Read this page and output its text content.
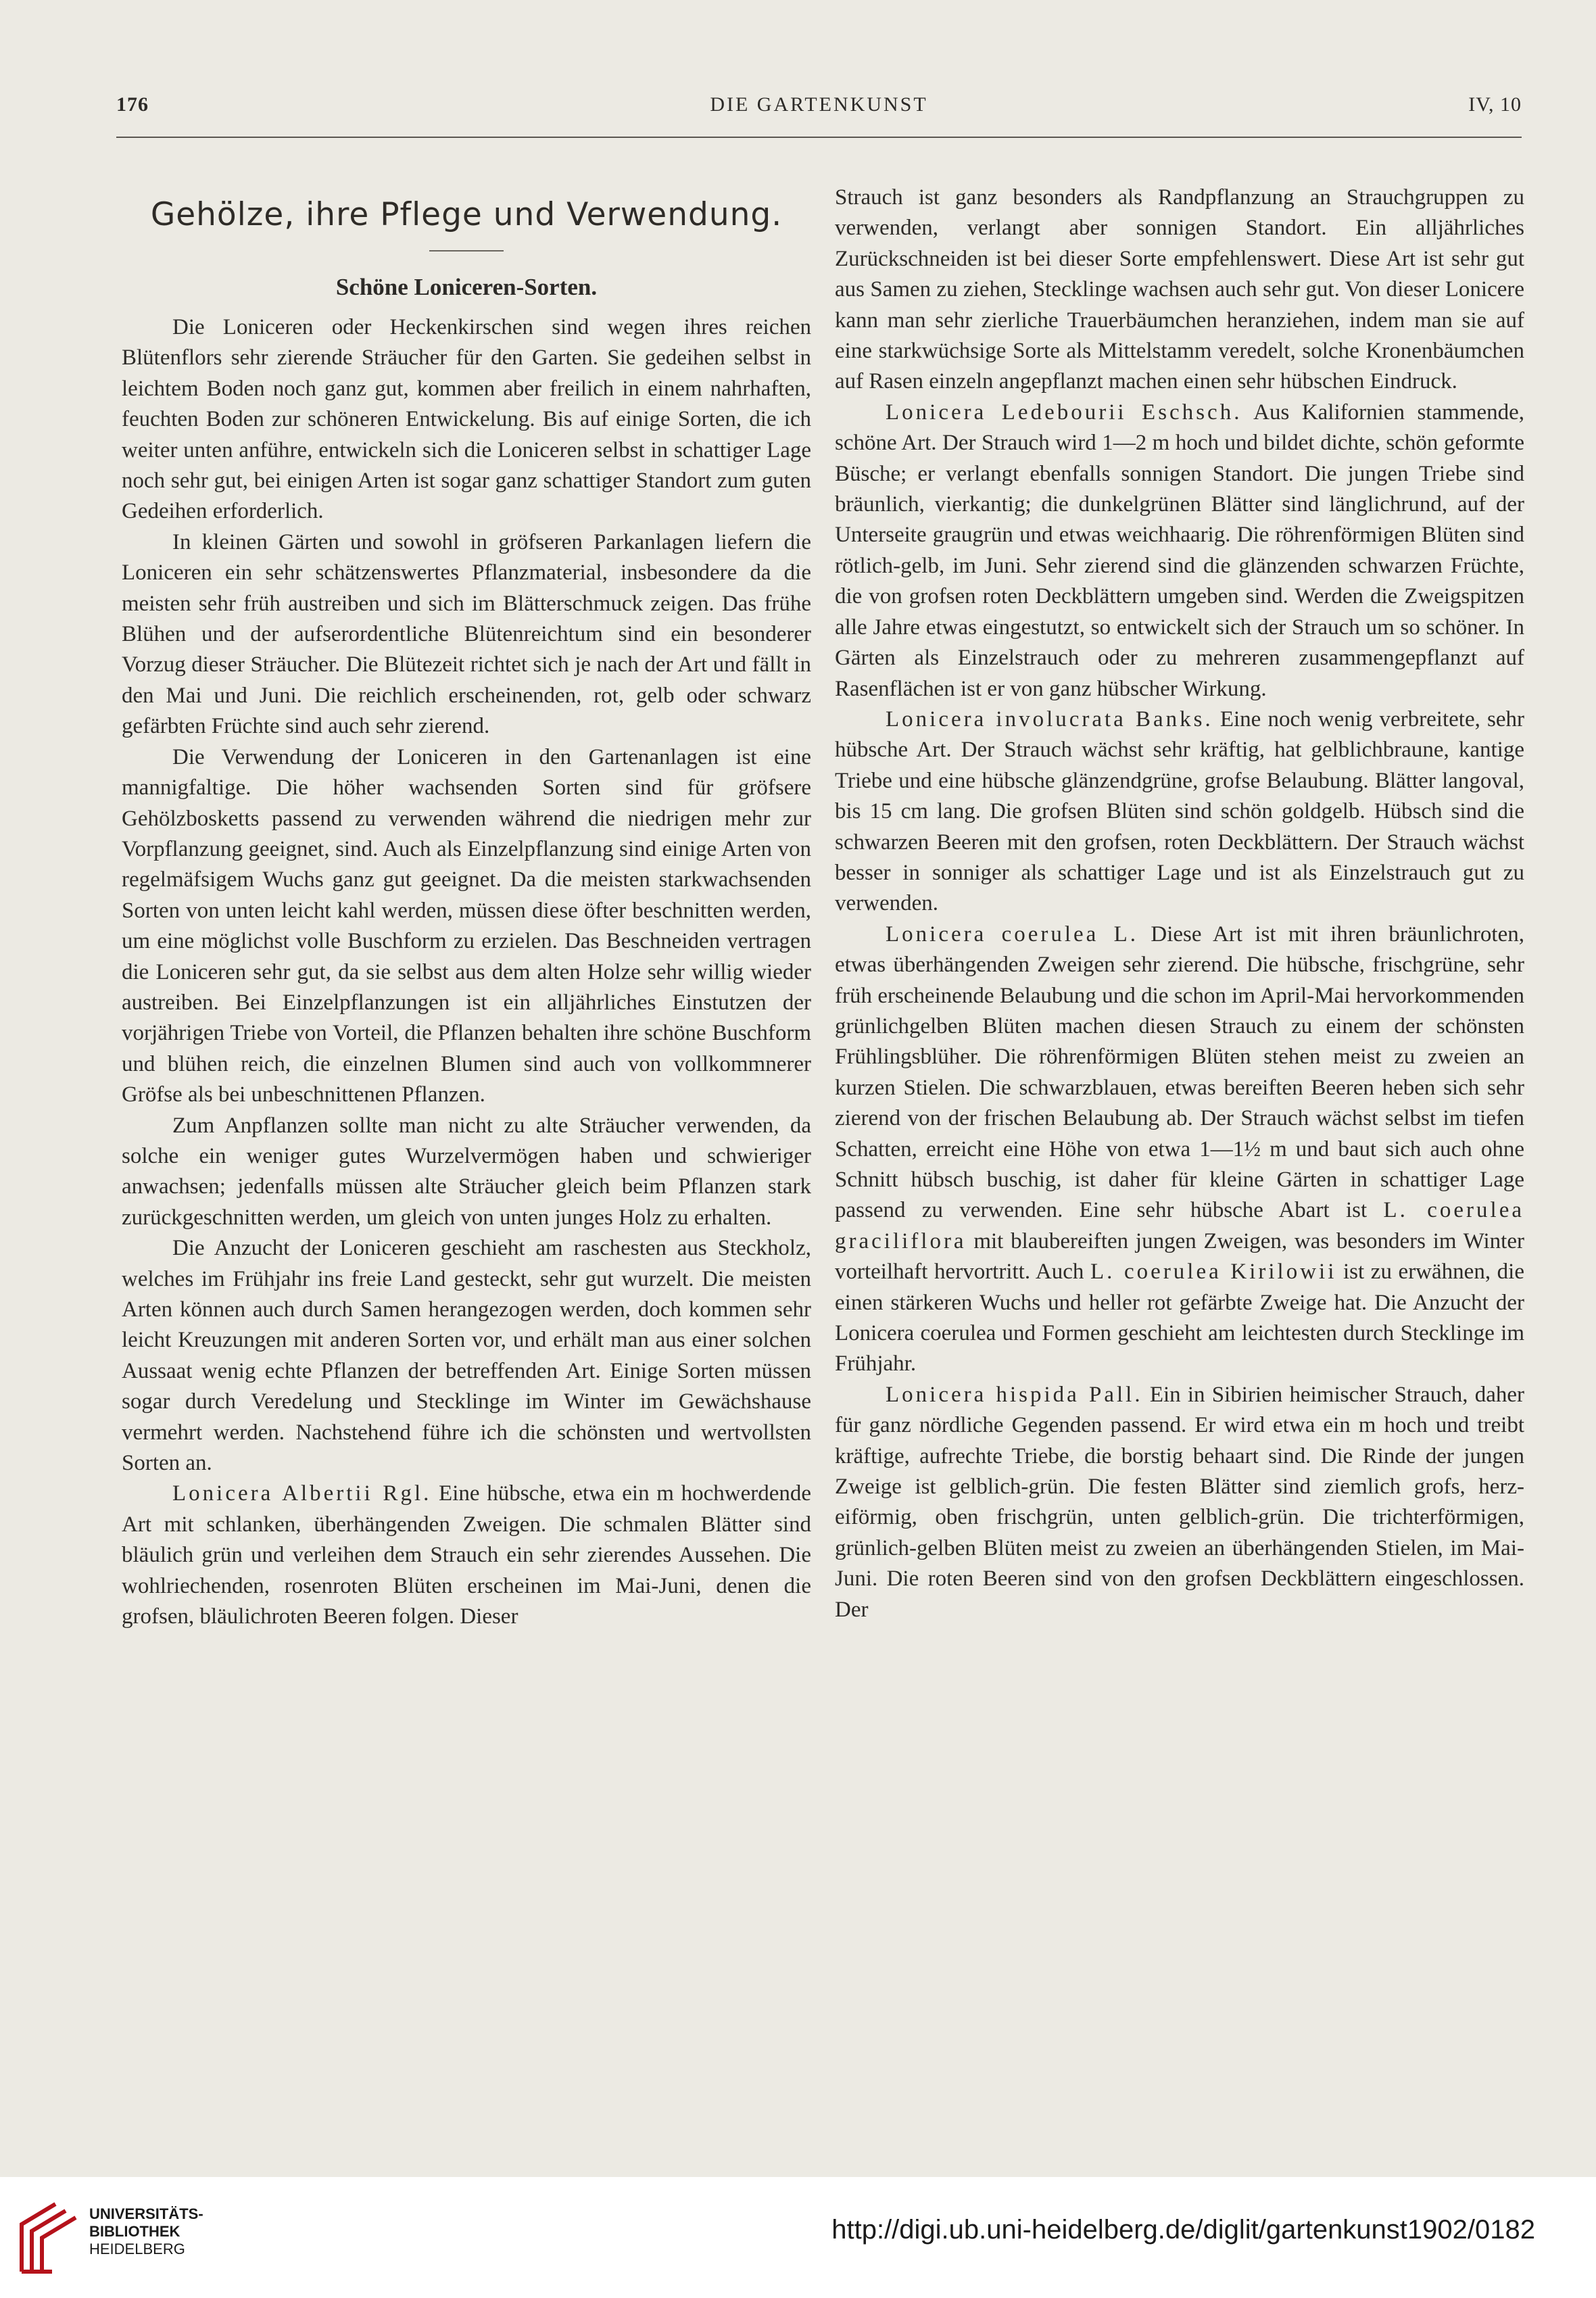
176	DIE GARTENKUNST	IV, 10
Gehölze, ihre Pflege und Verwendung.
Schöne Loniceren-Sorten.

Die Loniceren oder Heckenkirschen sind wegen ihres reichen Blütenflors sehr zierende Sträucher für den Garten. Sie gedeihen selbst in leichtem Boden noch ganz gut, kommen aber freilich in einem nahrhaften, feuchten Boden zur schöneren Entwickelung. Bis auf einige Sorten, die ich weiter unten anführe, entwickeln sich die Loniceren selbst in schattiger Lage noch sehr gut, bei einigen Arten ist sogar ganz schattiger Standort zum guten Gedeihen erforderlich.

In kleinen Gärten und sowohl in gröfseren Parkanlagen liefern die Loniceren ein sehr schätzenswertes Pflanzmaterial, insbesondere da die meisten sehr früh austreiben und sich im Blätterschmuck zeigen. Das frühe Blühen und der aufserordentliche Blütenreichtum sind ein besonderer Vorzug dieser Sträucher. Die Blütezeit richtet sich je nach der Art und fällt in den Mai und Juni. Die reichlich erscheinenden, rot, gelb oder schwarz gefärbten Früchte sind auch sehr zierend.

Die Verwendung der Loniceren in den Gartenanlagen ist eine mannigfaltige. Die höher wachsenden Sorten sind für gröfsere Gehölzbosketts passend zu verwenden während die niedrigen mehr zur Vorpflanzung geeignet, sind. Auch als Einzelpflanzung sind einige Arten von regelmäfsigem Wuchs ganz gut geeignet. Da die meisten starkwachsenden Sorten von unten leicht kahl werden, müssen diese öfter beschnitten werden, um eine möglichst volle Buschform zu erzielen. Das Beschneiden vertragen die Loniceren sehr gut, da sie selbst aus dem alten Holze sehr willig wieder austreiben. Bei Einzelpflanzungen ist ein alljährliches Einstutzen der vorjährigen Triebe von Vorteil, die Pflanzen behalten ihre schöne Buschform und blühen reich, die einzelnen Blumen sind auch von vollkommnerer Gröfse als bei unbeschnittenen Pflanzen.

Zum Anpflanzen sollte man nicht zu alte Sträucher verwenden, da solche ein weniger gutes Wurzelvermögen haben und schwieriger anwachsen; jedenfalls müssen alte Sträucher gleich beim Pflanzen stark zurückgeschnitten werden, um gleich von unten junges Holz zu erhalten.

Die Anzucht der Loniceren geschieht am raschesten aus Steckholz, welches im Frühjahr ins freie Land gesteckt, sehr gut wurzelt. Die meisten Arten können auch durch Samen herangezogen werden, doch kommen sehr leicht Kreuzungen mit anderen Sorten vor, und erhält man aus einer solchen Aussaat wenig echte Pflanzen der betreffenden Art. Einige Sorten müssen sogar durch Veredelung und Stecklinge im Winter im Gewächshause vermehrt werden. Nachstehend führe ich die schönsten und wertvollsten Sorten an.

Lonicera Albertii Rgl. Eine hübsche, etwa ein m hochwerdende Art mit schlanken, überhängenden Zweigen. Die schmalen Blätter sind bläulich grün und verleihen dem Strauch ein sehr zierendes Aussehen. Die wohlriechenden, rosenroten Blüten erscheinen im Mai-Juni, denen die grofsen, bläulichroten Beeren folgen. Dieser

Strauch ist ganz besonders als Randpflanzung an Strauchgruppen zu verwenden, verlangt aber sonnigen Standort. Ein alljährliches Zurückschneiden ist bei dieser Sorte empfehlenswert. Diese Art ist sehr gut aus Samen zu ziehen, Stecklinge wachsen auch sehr gut. Von dieser Lonicere kann man sehr zierliche Trauerbäumchen heranziehen, indem man sie auf eine starkwüchsige Sorte als Mittelstamm veredelt, solche Kronenbäumchen auf Rasen einzeln angepflanzt machen einen sehr hübschen Eindruck.

Lonicera Ledebourii Eschsch. Aus Kalifornien stammende, schöne Art. Der Strauch wird 1—2 m hoch und bildet dichte, schön geformte Büsche; er verlangt ebenfalls sonnigen Standort. Die jungen Triebe sind bräunlich, vierkantig; die dunkelgrünen Blätter sind länglichrund, auf der Unterseite graugrün und etwas weichhaarig. Die röhrenförmigen Blüten sind rötlich-gelb, im Juni. Sehr zierend sind die glänzenden schwarzen Früchte, die von grofsen roten Deckblättern umgeben sind. Werden die Zweigspitzen alle Jahre etwas eingestutzt, so entwickelt sich der Strauch um so schöner. In Gärten als Einzelstrauch oder zu mehreren zusammengepflanzt auf Rasenflächen ist er von ganz hübscher Wirkung.

Lonicera involucrata Banks. Eine noch wenig verbreitete, sehr hübsche Art. Der Strauch wächst sehr kräftig, hat gelblichbraune, kantige Triebe und eine hübsche glänzendgrüne, grofse Belaubung. Blätter langoval, bis 15 cm lang. Die grofsen Blüten sind schön goldgelb. Hübsch sind die schwarzen Beeren mit den grofsen, roten Deckblättern. Der Strauch wächst besser in sonniger als schattiger Lage und ist als Einzelstrauch gut zu verwenden.

Lonicera coerulea L. Diese Art ist mit ihren bräunlichroten, etwas überhängenden Zweigen sehr zierend. Die hübsche, frischgrüne, sehr früh erscheinende Belaubung und die schon im April-Mai hervorkommenden grünlichgelben Blüten machen diesen Strauch zu einem der schönsten Frühlingsblüher. Die röhrenförmigen Blüten stehen meist zu zweien an kurzen Stielen. Die schwarzblauen, etwas bereiften Beeren heben sich sehr zierend von der frischen Belaubung ab. Der Strauch wächst selbst im tiefen Schatten, erreicht eine Höhe von etwa 1—1½ m und baut sich auch ohne Schnitt hübsch buschig, ist daher für kleine Gärten in schattiger Lage passend zu verwenden. Eine sehr hübsche Abart ist L. coerulea graciliflora mit blaubereiften jungen Zweigen, was besonders im Winter vorteilhaft hervortritt. Auch L. coerulea Kirilowii ist zu erwähnen, die einen stärkeren Wuchs und heller rot gefärbte Zweige hat. Die Anzucht der Lonicera coerulea und Formen geschieht am leichtesten durch Stecklinge im Frühjahr.

Lonicera hispida Pall. Ein in Sibirien heimischer Strauch, daher für ganz nördliche Gegenden passend. Er wird etwa ein m hoch und treibt kräftige, aufrechte Triebe, die borstig behaart sind. Die Rinde der jungen Zweige ist gelblich-grün. Die festen Blätter sind ziemlich grofs, herz-eiförmig, oben frischgrün, unten gelblich-grün. Die trichterförmigen, grünlich-gelben Blüten meist zu zweien an überhängenden Stielen, im Mai-Juni. Die roten Beeren sind von den grofsen Deckblättern eingeschlossen. Der

UNIVERSITÄTS-
BIBLIOTHEK
HEIDELBERG
http://digi.ub.uni-heidelberg.de/diglit/gartenkunst1902/0182
